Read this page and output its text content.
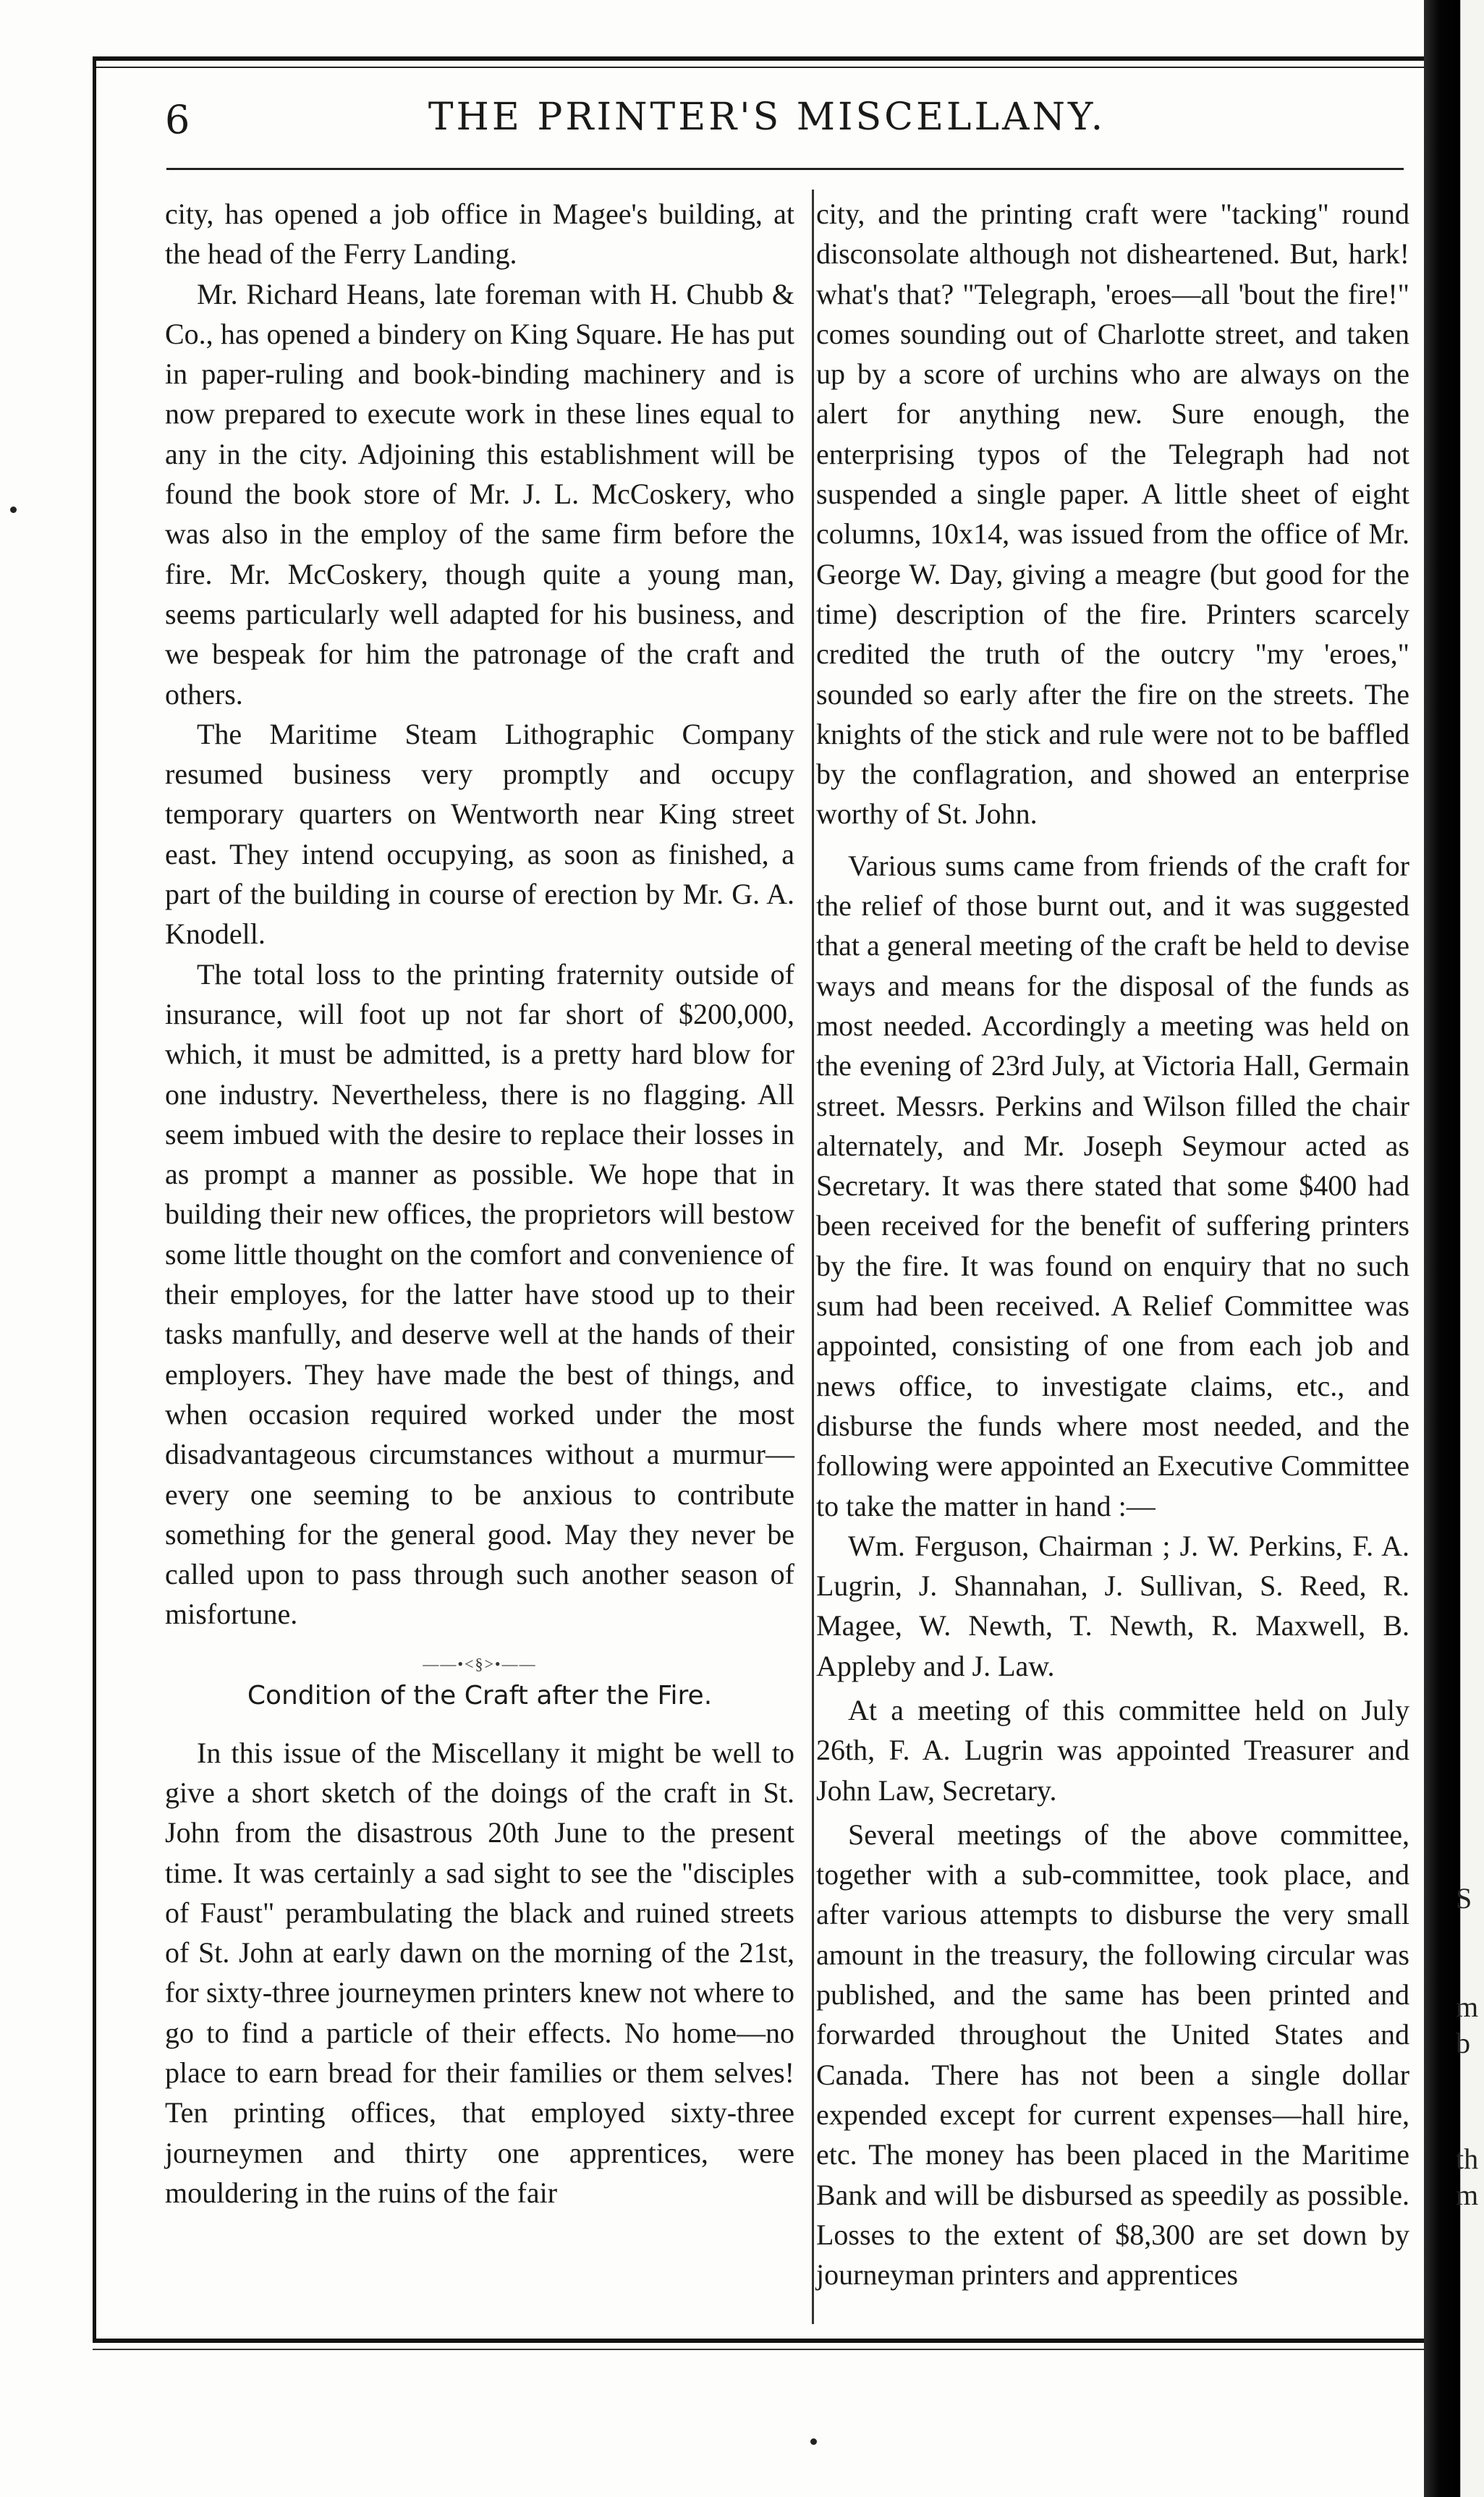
S
m
b
th
m
6	THE PRINTER'S MISCELLANY.

city, has opened a job office in Magee's building, at the head of the Ferry Landing.

Mr. Richard Heans, late foreman with H. Chubb & Co., has opened a bindery on King Square. He has put in paper-ruling and book-binding machinery and is now prepared to execute work in these lines equal to any in the city. Adjoining this establishment will be found the book store of Mr. J. L. McCoskery, who was also in the employ of the same firm before the fire. Mr. McCoskery, though quite a young man, seems particularly well adapted for his business, and we bespeak for him the patronage of the craft and others.

The Maritime Steam Lithographic Company resumed business very promptly and occupy temporary quarters on Wentworth near King street east. They intend occupying, as soon as finished, a part of the building in course of erection by Mr. G. A. Knodell.

The total loss to the printing fraternity outside of insurance, will foot up not far short of $200,000, which, it must be admitted, is a pretty hard blow for one industry. Nevertheless, there is no flagging. All seem imbued with the desire to replace their losses in as prompt a manner as possible. We hope that in building their new offices, the proprietors will bestow some little thought on the comfort and convenience of their employes, for the latter have stood up to their tasks manfully, and deserve well at the hands of their employers. They have made the best of things, and when occasion required worked under the most disadvantageous circumstances without a murmur—every one seeming to be anxious to contribute something for the general good. May they never be called upon to pass through such another season of misfortune.

——•<§>•——
Condition of the Craft after the Fire.

In this issue of the Miscellany it might be well to give a short sketch of the doings of the craft in St. John from the disastrous 20th June to the present time. It was certainly a sad sight to see the "disciples of Faust" perambulating the black and ruined streets of St. John at early dawn on the morning of the 21st, for sixty-three journeymen printers knew not where to go to find a particle of their effects. No home—no place to earn bread for their families or them selves! Ten printing offices, that employed sixty-three journeymen and thirty one apprentices, were mouldering in the ruins of the fair

city, and the printing craft were "tacking" round disconsolate although not disheartened. But, hark! what's that? "Telegraph, 'eroes—all 'bout the fire!" comes sounding out of Charlotte street, and taken up by a score of urchins who are always on the alert for anything new. Sure enough, the enterprising typos of the Telegraph had not suspended a single paper. A little sheet of eight columns, 10x14, was issued from the office of Mr. George W. Day, giving a meagre (but good for the time) description of the fire. Printers scarcely credited the truth of the outcry "my 'eroes," sounded so early after the fire on the streets. The knights of the stick and rule were not to be baffled by the conflagration, and showed an enterprise worthy of St. John.

Various sums came from friends of the craft for the relief of those burnt out, and it was suggested that a general meeting of the craft be held to devise ways and means for the disposal of the funds as most needed. Accordingly a meeting was held on the evening of 23rd July, at Victoria Hall, Germain street. Messrs. Perkins and Wilson filled the chair alternately, and Mr. Joseph Seymour acted as Secretary. It was there stated that some $400 had been received for the benefit of suffering printers by the fire. It was found on enquiry that no such sum had been received. A Relief Committee was appointed, consisting of one from each job and news office, to investigate claims, etc., and disburse the funds where most needed, and the following were appointed an Executive Committee to take the matter in hand :—

Wm. Ferguson, Chairman ; J. W. Perkins, F. A. Lugrin, J. Shannahan, J. Sullivan, S. Reed, R. Magee, W. Newth, T. Newth, R. Maxwell, B. Appleby and J. Law.

At a meeting of this committee held on July 26th, F. A. Lugrin was appointed Treasurer and John Law, Secretary.

Several meetings of the above committee, together with a sub-committee, took place, and after various attempts to disburse the very small amount in the treasury, the following circular was published, and the same has been printed and forwarded throughout the United States and Canada. There has not been a single dollar expended except for current expenses—hall hire, etc. The money has been placed in the Maritime Bank and will be disbursed as speedily as possible. Losses to the extent of $8,300 are set down by journeyman printers and apprentices
